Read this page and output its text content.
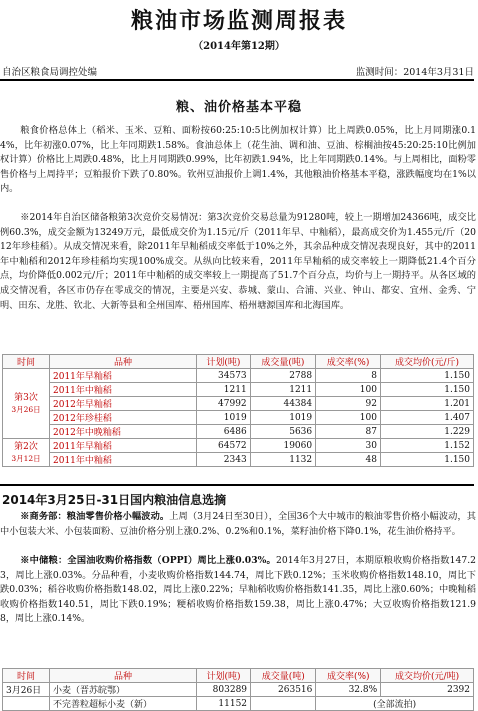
粮油市场监测周报表
（2014年第12期）
自治区粮食局调控处编	监测时间：2014年3月31日
粮、油价格基本平稳

粮食价格总体上（稻米、玉米、豆粕、面粉按60:25:10:5比例加权计算）比上周跌0.05%，比上月同期涨0.14%，比年初涨0.07%，比上年同期跌1.58%。食油总体上（花生油、调和油、豆油、棕榈油按45:20:25:10比例加权计算）价格比上周跌0.48%，比上月同期跌0.99%，比年初跌1.94%，比上年同期跌0.14%。与上周相比，面粉零售价格与上周持平；豆粕报价下跌了0.80%。钦州豆油报价上调1.4%，其他粮油价格基本平稳，涨跌幅度均在1%以内。

※2014年自治区储备粮第3次竞价交易情况：第3次竞价交易总量为91280吨，较上一期增加24366吨，成交比例60.3%，成交金额为13249万元，最低成交价为1.15元/斤（2011年早、中籼稻），最高成交价为1.455元/斤（2012年珍桂稻）。从成交情况来看，除2011年早籼稻成交率低于10%之外，其余品种成交情况表现良好，其中的2011年中籼稻和2012年珍桂稻均实现100%成交。从纵向比较来看，2011年早籼稻的成交率较上一期降低21.4个百分点，均价降低0.002元/斤；2011年中籼稻的成交率较上一期提高了51.7个百分点，均价与上一期持平。从各区域的成交情况看，各区市仍存在零成交的情况，主要是兴安、恭城、蒙山、合浦、兴业、钟山、都安、宜州、金秀、宁明、田东、龙胜、钦北、大新等县和全州国库、梧州国库、梧州塘源国库和北海国库。

时间	品种	计划(吨)	成交量(吨)	成交率(%)	成交均价(元/斤)
第3次
3月26日	2011年早籼稻	34573	2788	8	1.150
	2011年中籼稻	1211	1211	100	1.150
	2012年早籼稻	47992	44384	92	1.201
	2012年珍桂稻	1019	1019	100	1.407
	2012年中晚籼稻	6486	5636	87	1.229
第2次
3月12日	2011年早籼稻	64572	19060	30	1.152
	2011年中籼稻	2343	1132	48	1.150
2014年3月25日-31日国内粮油信息选摘

※商务部：粮油零售价格小幅波动。上周（3月24日至30日），全国36个大中城市的粮油零售价格小幅波动，其中小包装大米、小包装面粉、豆油价格分别上涨0.2%、0.2%和0.1%，菜籽油价格下降0.1%，花生油价格持平。

※中储粮：全国油收购价格指数（OPPI）周比上涨0.03%。2014年3月27日，本期原粮收购价格指数147.23，周比上涨0.03%。分品种看，小麦收购价格指数144.74，周比下跌0.12%；玉米收购价格指数148.10，周比下跌0.03%；稻谷收购价格指数148.02，周比上涨0.22%；早籼稻收购价格指数141.35，周比上涨0.60%；中晚籼稻收购价格指数140.51，周比下跌0.19%；粳稻收购价格指数159.38，周比上涨0.47%；大豆收购价格指数121.98，周比上涨0.14%。

时间	品种	计划(吨)	成交量(吨)	成交率(%)	成交均价(元/吨)
3月26日	小麦（晋苏皖鄂）	803289	263516	32.8%	2392
	不完善粒超标小麦（新）	11152		(全部流拍)	
